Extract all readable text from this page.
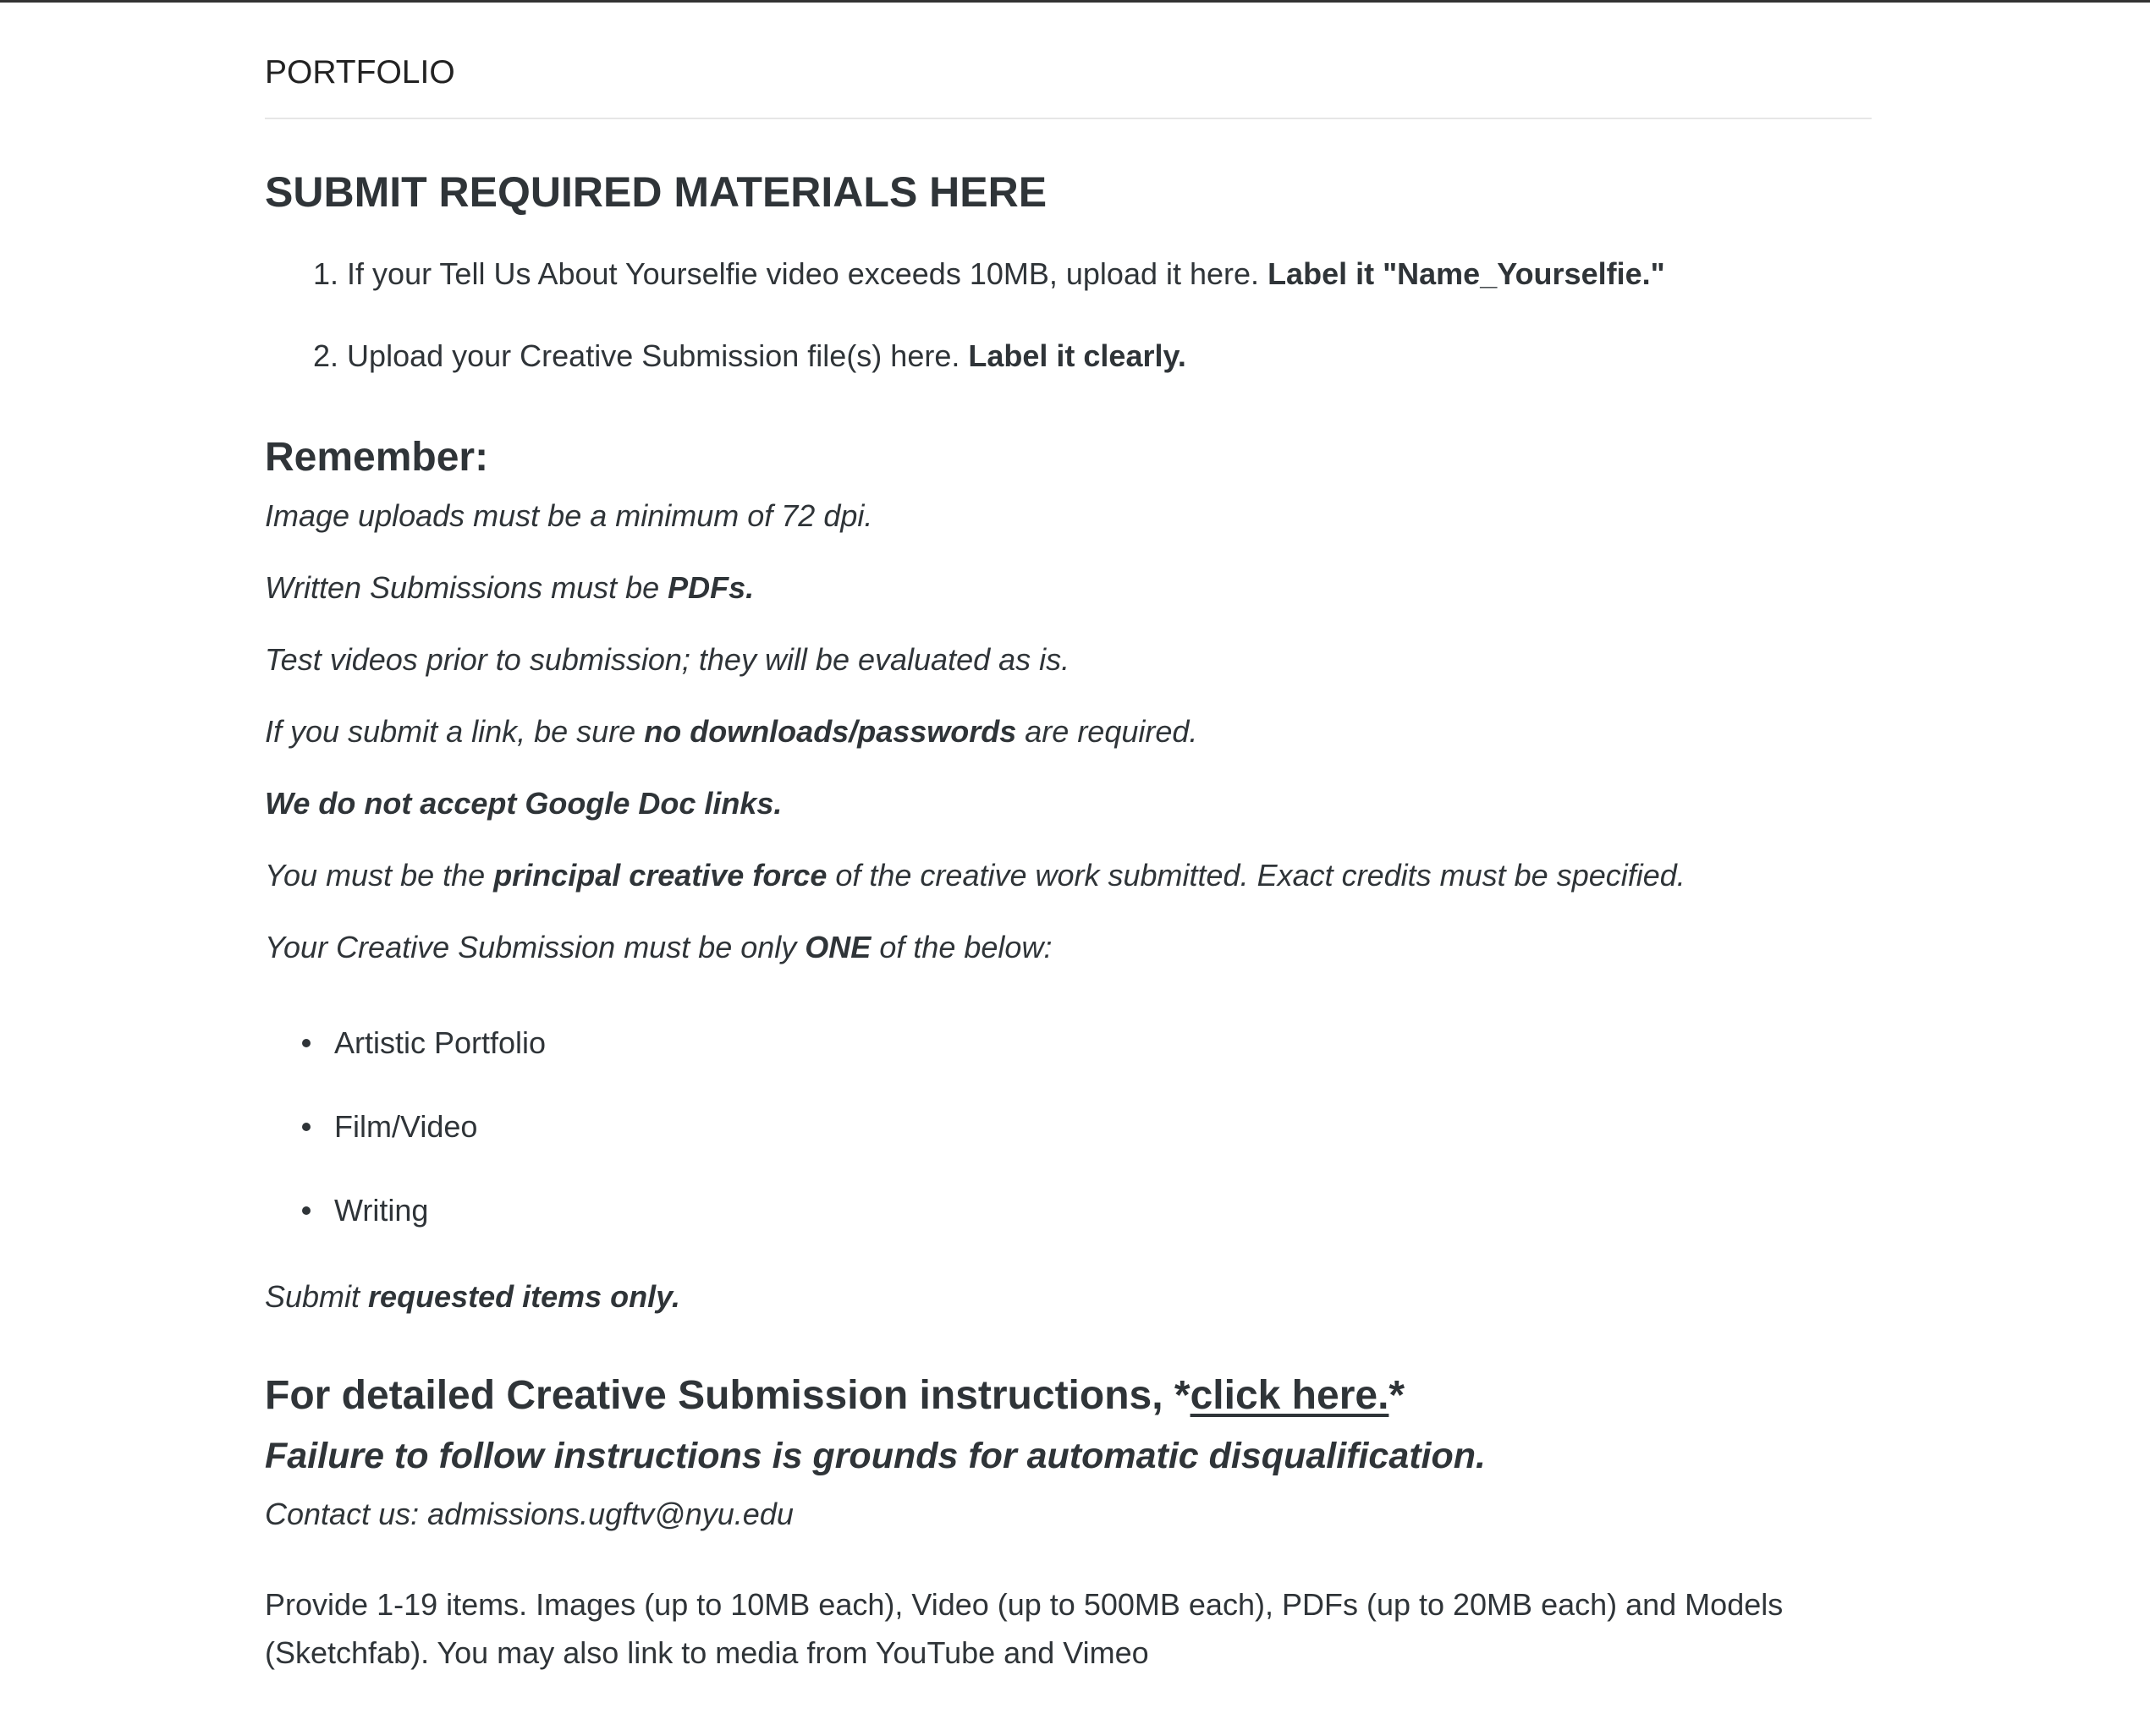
PORTFOLIO
SUBMIT REQUIRED MATERIALS HERE
1. If your Tell Us About Yourselfie video exceeds 10MB, upload it here. Label it "Name_Yourselfie."
2. Upload your Creative Submission file(s) here. Label it clearly.
Remember:
Image uploads must be a minimum of 72 dpi.
Written Submissions must be PDFs.
Test videos prior to submission; they will be evaluated as is.
If you submit a link, be sure no downloads/passwords are required.
We do not accept Google Doc links.
You must be the principal creative force of the creative work submitted. Exact credits must be specified.
Your Creative Submission must be only ONE of the below:
Artistic Portfolio
Film/Video
Writing
Submit requested items only.
For detailed Creative Submission instructions, *click here.*
Failure to follow instructions is grounds for automatic disqualification.
Contact us: admissions.ugftv@nyu.edu
Provide 1-19 items. Images (up to 10MB each), Video (up to 500MB each), PDFs (up to 20MB each) and Models
(Sketchfab). You may also link to media from YouTube and Vimeo
